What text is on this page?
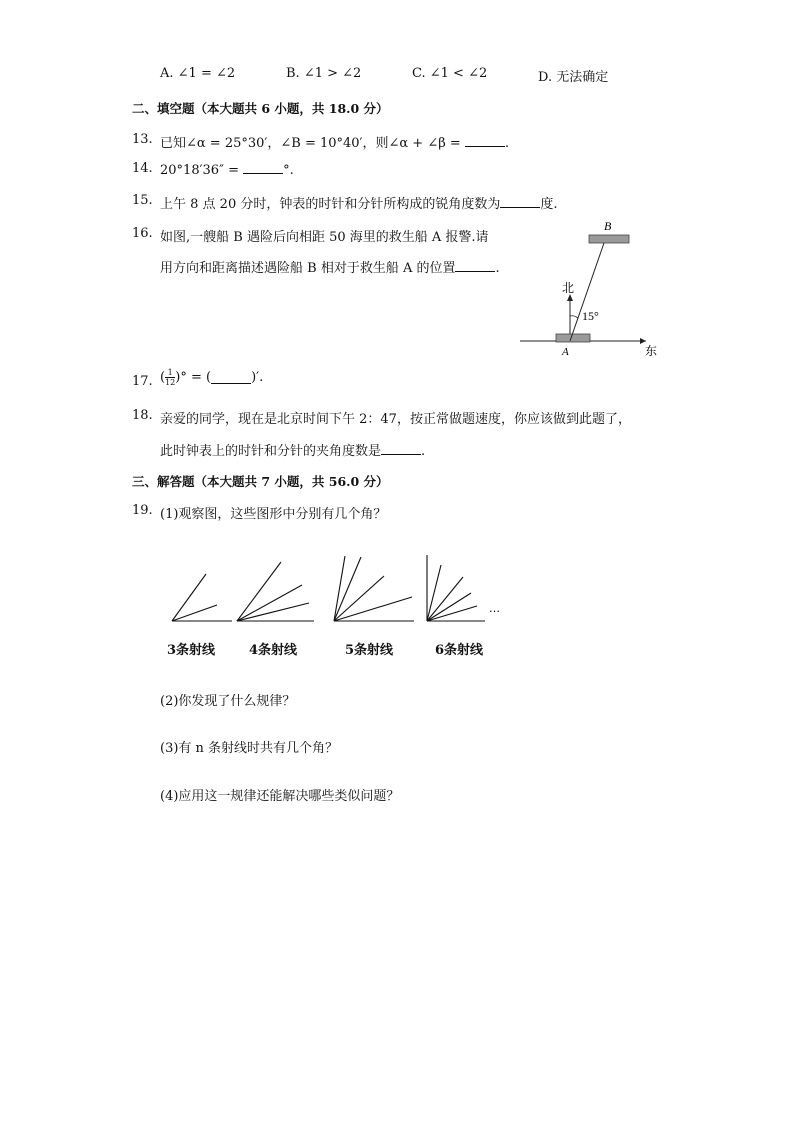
A. ∠1 = ∠2	B. ∠1 > ∠2	C. ∠1 < ∠2	D. 无法确定
二、填空题（本大题共 6 小题，共 18.0 分）
13. 已知∠α = 25°30′，∠B = 10°40′，则∠α + ∠β =	.
14. 20°18′36″ =	°.
15. 上午 8 点 20 分时，钟表的时针和分针所构成的锐角度数为	度.
16. 如图,一艘船 B 遇险后向相距 50 海里的救生船 A 报警.请
用方向和距离描述遇险船 B 相对于救生船 A 的位置	.
B
A
北
东
15°
17. ( $\frac{1}{12}$ )° = (	)′.
18. 亲爱的同学，现在是北京时间下午 2：47，按正常做题速度，你应该做到此题了，
此时钟表上的时针和分针的夹角度数是	.
三、解答题（本大题共 7 小题，共 56.0 分）
19. (1)观察图，这些图形中分别有几个角？
…
3条射线	4条射线	5条射线	6条射线
(2)你发现了什么规律？
(3)有 n 条射线时共有几个角？
(4)应用这一规律还能解决哪些类似问题？
